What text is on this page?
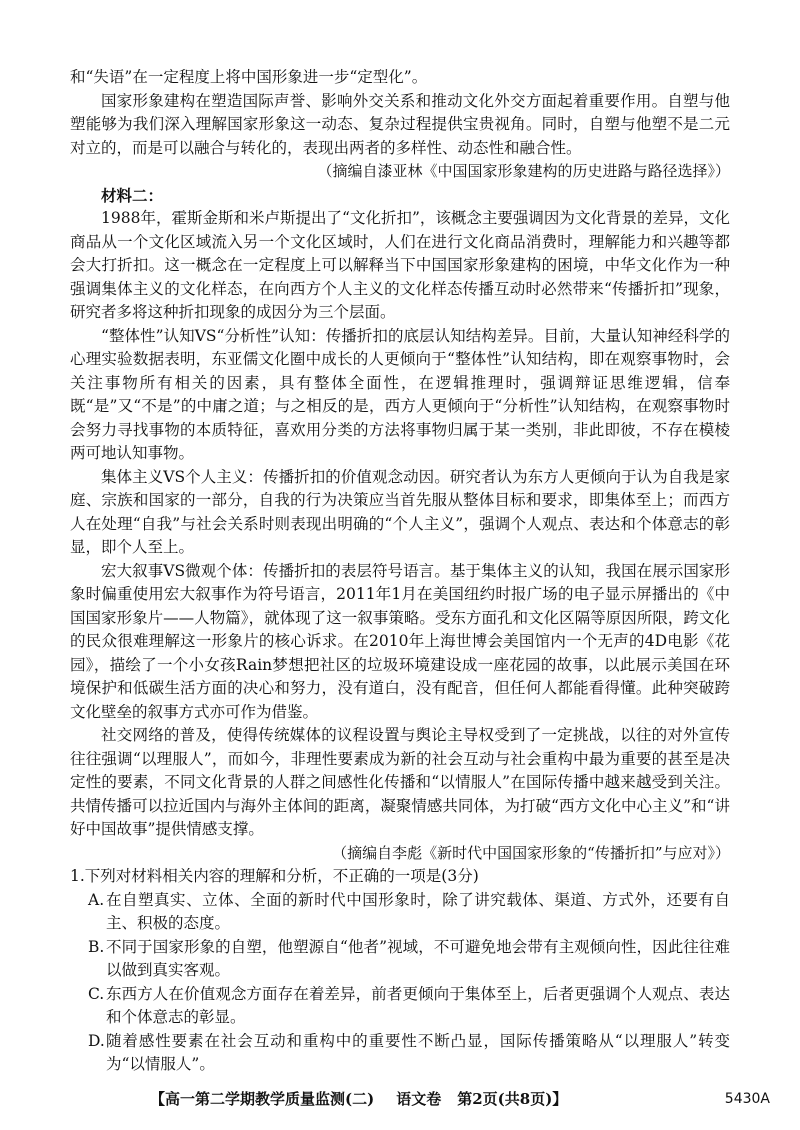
和“失语”在一定程度上将中国形象进一步“定型化”。

国家形象建构在塑造国际声誉、影响外交关系和推动文化外交方面起着重要作用。自塑与他塑能够为我们深入理解国家形象这一动态、复杂过程提供宝贵视角。同时，自塑与他塑不是二元对立的，而是可以融合与转化的，表现出两者的多样性、动态性和融合性。

（摘编自漆亚林《中国国家形象建构的历史进路与路径选择》）

材料二：

1988年，霍斯金斯和米卢斯提出了“文化折扣”，该概念主要强调因为文化背景的差异，文化商品从一个文化区域流入另一个文化区域时，人们在进行文化商品消费时，理解能力和兴趣等都会大打折扣。这一概念在一定程度上可以解释当下中国国家形象建构的困境，中华文化作为一种强调集体主义的文化样态，在向西方个人主义的文化样态传播互动时必然带来“传播折扣”现象，研究者多将这种折扣现象的成因分为三个层面。

“整体性”认知VS“分析性”认知：传播折扣的底层认知结构差异。目前，大量认知神经科学的心理实验数据表明，东亚儒文化圈中成长的人更倾向于“整体性”认知结构，即在观察事物时，会关注事物所有相关的因素，具有整体全面性，在逻辑推理时，强调辩证思维逻辑，信奉既“是”又“不是”的中庸之道；与之相反的是，西方人更倾向于“分析性”认知结构，在观察事物时会努力寻找事物的本质特征，喜欢用分类的方法将事物归属于某一类别，非此即彼，不存在模棱两可地认知事物。

集体主义VS个人主义：传播折扣的价值观念动因。研究者认为东方人更倾向于认为自我是家庭、宗族和国家的一部分，自我的行为决策应当首先服从整体目标和要求，即集体至上；而西方人在处理“自我”与社会关系时则表现出明确的“个人主义”，强调个人观点、表达和个体意志的彰显，即个人至上。

宏大叙事VS微观个体：传播折扣的表层符号语言。基于集体主义的认知，我国在展示国家形象时偏重使用宏大叙事作为符号语言，2011年1月在美国纽约时报广场的电子显示屏播出的《中国国家形象片——人物篇》，就体现了这一叙事策略。受东方面孔和文化区隔等原因所限，跨文化的民众很难理解这一形象片的核心诉求。在2010年上海世博会美国馆内一个无声的4D电影《花园》，描绘了一个小女孩Rain梦想把社区的垃圾环境建设成一座花园的故事，以此展示美国在环境保护和低碳生活方面的决心和努力，没有道白，没有配音，但任何人都能看得懂。此种突破跨文化壁垒的叙事方式亦可作为借鉴。

社交网络的普及，使得传统媒体的议程设置与舆论主导权受到了一定挑战，以往的对外宣传往往强调“以理服人”，而如今，非理性要素成为新的社会互动与社会重构中最为重要的甚至是决定性的要素，不同文化背景的人群之间感性化传播和“以情服人”在国际传播中越来越受到关注。共情传播可以拉近国内与海外主体间的距离，凝聚情感共同体，为打破“西方文化中心主义”和“讲好中国故事”提供情感支撑。

（摘编自李彪《新时代中国国家形象的“传播折扣”与应对》）

1.下列对材料相关内容的理解和分析，不正确的一项是(3分)

A. 在自塑真实、立体、全面的新时代中国形象时，除了讲究载体、渠道、方式外，还要有自主、积极的态度。
B. 不同于国家形象的自塑，他塑源自“他者”视域，不可避免地会带有主观倾向性，因此往往难以做到真实客观。
C. 东西方人在价值观念方面存在着差异，前者更倾向于集体至上，后者更强调个人观点、表达和个体意志的彰显。
D. 随着感性要素在社会互动和重构中的重要性不断凸显，国际传播策略从“以理服人”转变为“以情服人”。
【高一第二学期教学质量监测(二) 语文卷 第2页(共8页)】	5430A
